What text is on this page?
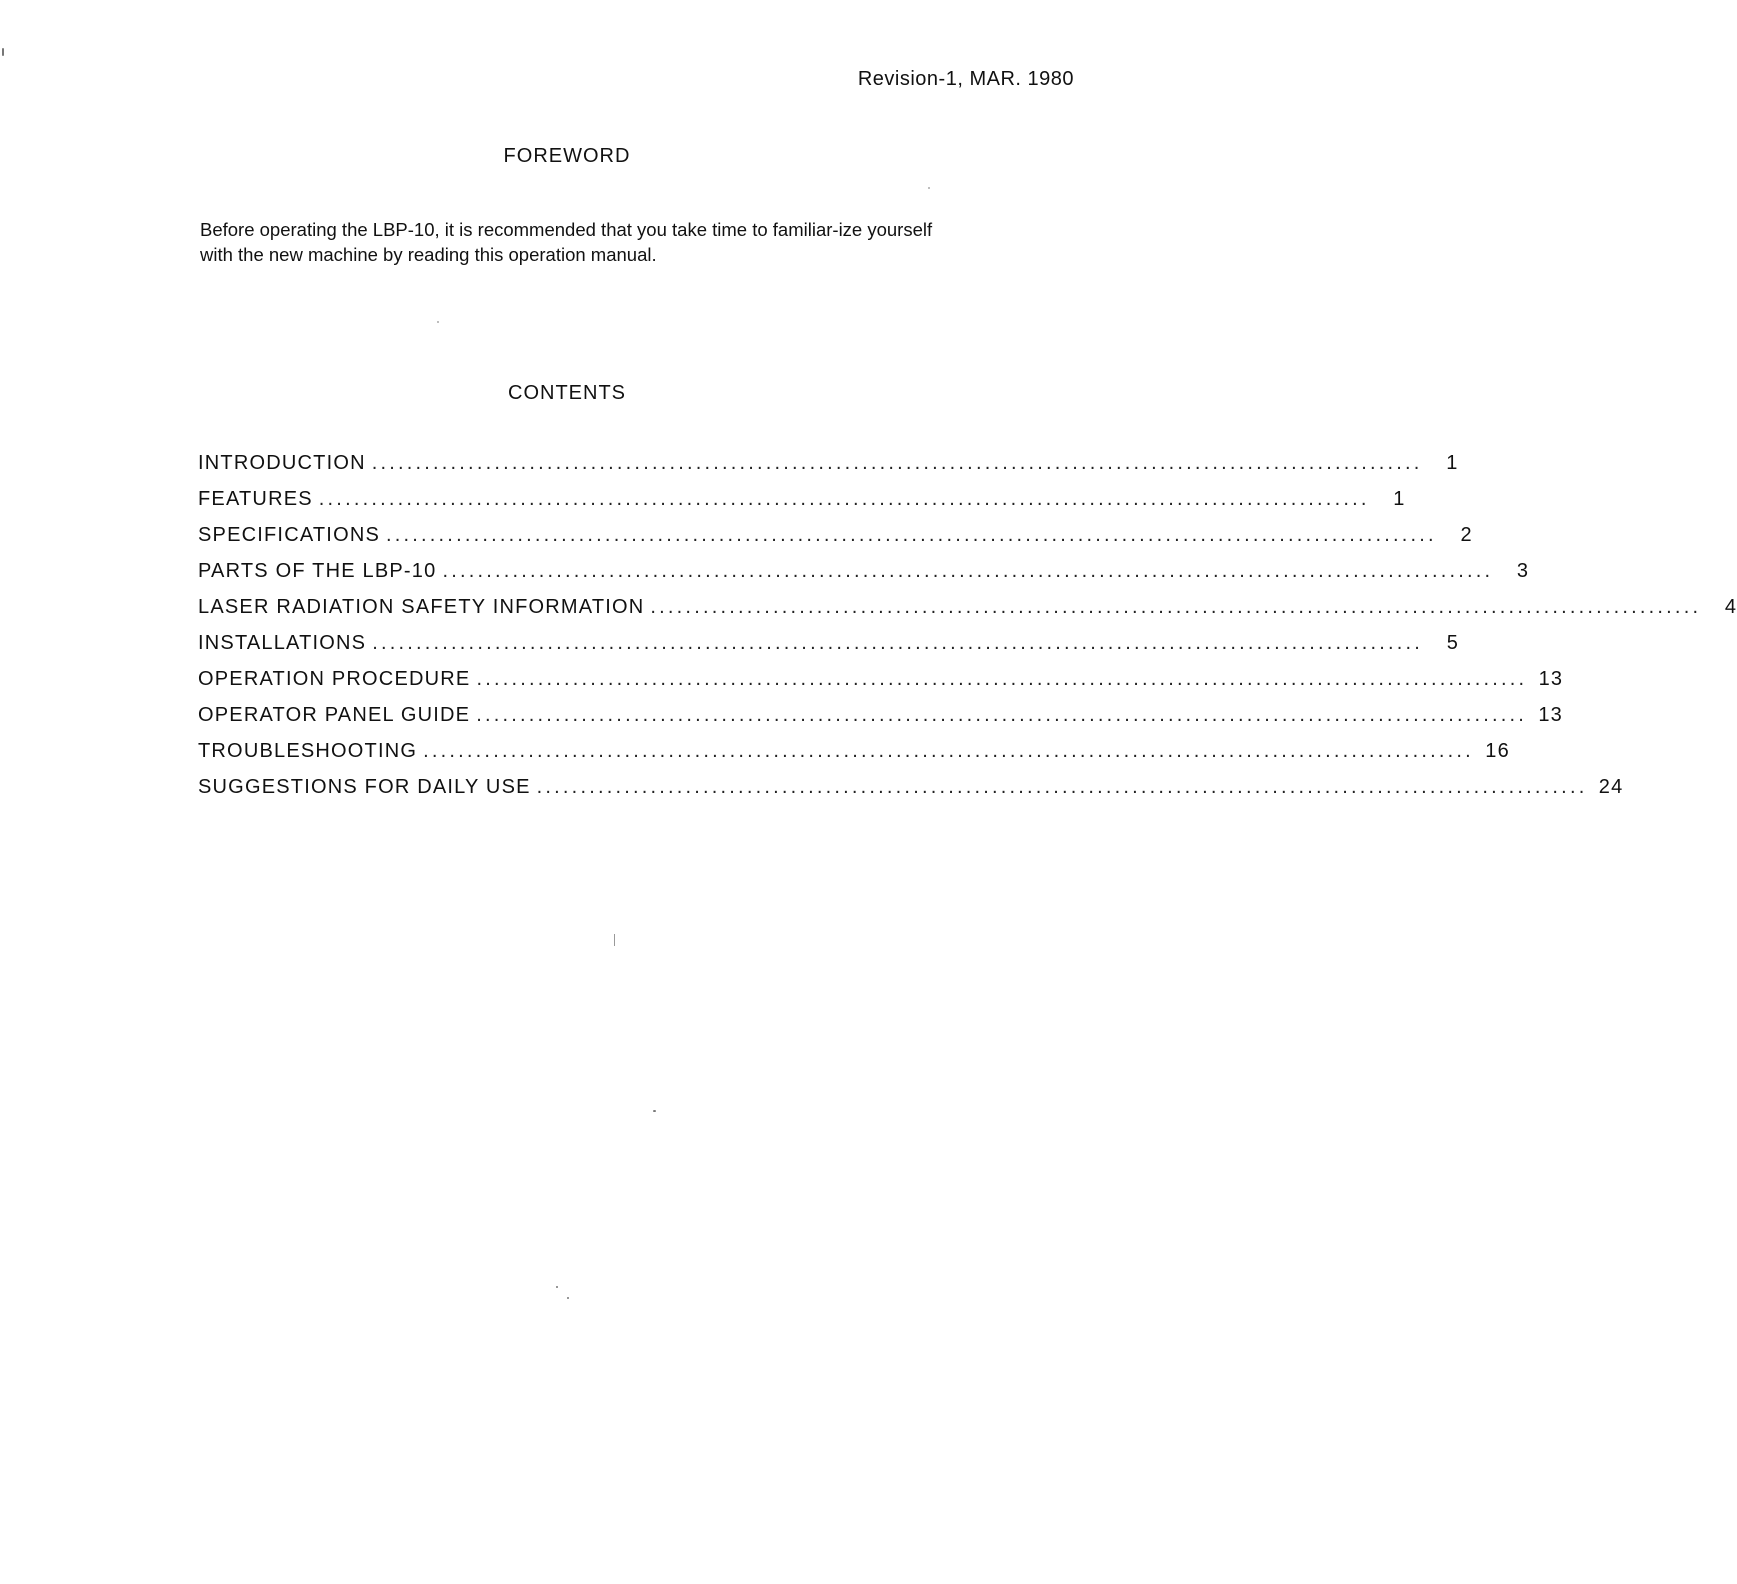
Revision-1, MAR. 1980
FOREWORD

Before operating the LBP-10, it is recommended that you take time to familiar-ize yourself with the new machine by reading this operation manual.

CONTENTS
INTRODUCTION ........................................................................................................................	1
FEATURES ........................................................................................................................	1
SPECIFICATIONS ........................................................................................................................	2
PARTS OF THE LBP-10 ........................................................................................................................	3
LASER RADIATION SAFETY INFORMATION ........................................................................................................................	4
INSTALLATIONS ........................................................................................................................	5
OPERATION PROCEDURE ........................................................................................................................ 13
OPERATOR PANEL GUIDE ........................................................................................................................ 13
TROUBLESHOOTING ........................................................................................................................ 16
SUGGESTIONS FOR DAILY USE ........................................................................................................................ 24
